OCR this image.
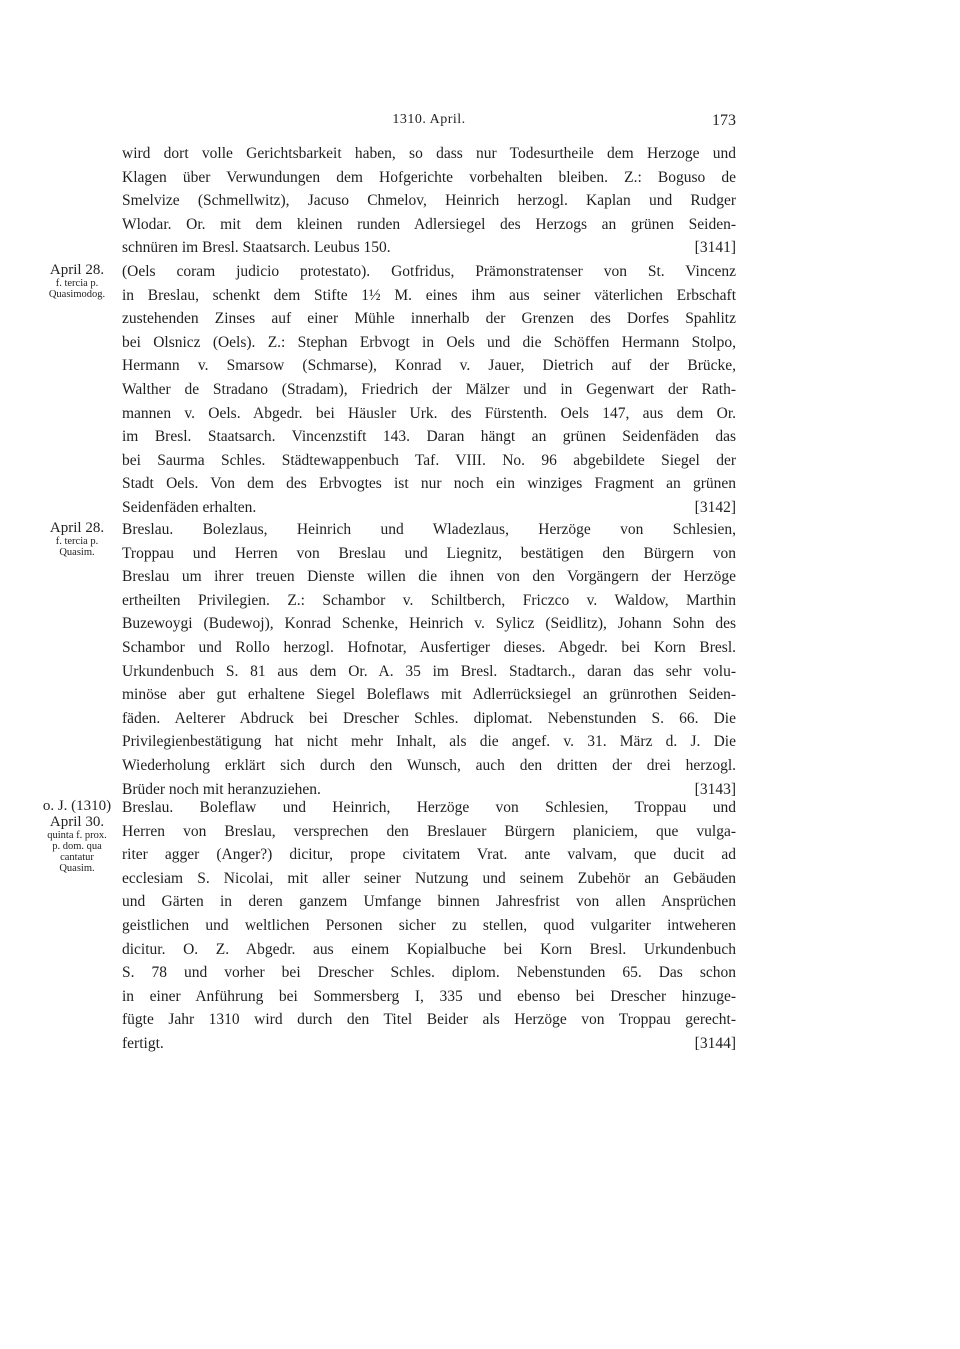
1310. April.	173
wird dort volle Gerichtsbarkeit haben, so dass nur Todesurtheile dem Herzoge und
Klagen über Verwundungen dem Hofgerichte vorbehalten bleiben. Z.: Boguso de
Smelvize (Schmellwitz), Jacuso Chmelov, Heinrich herzogl. Kaplan und Rudger
Wlodar. Or. mit dem kleinen runden Adlersiegel des Herzogs an grünen Seiden-
schnüren im Bresl. Staatsarch. Leubus 150.	[3141]
April 28.
f. tercia p.
Quasimodog.
(Oels coram judicio protestato). Gotfridus, Prämonstratenser von St. Vincenz
in Breslau, schenkt dem Stifte 1½ M. eines ihm aus seiner väterlichen Erbschaft
zustehenden Zinses auf einer Mühle innerhalb der Grenzen des Dorfes Spahlitz
bei Olsnicz (Oels). Z.: Stephan Erbvogt in Oels und die Schöffen Hermann Stolpo,
Hermann v. Smarsow (Schmarse), Konrad v. Jauer, Dietrich auf der Brücke,
Walther de Stradano (Stradam), Friedrich der Mälzer und in Gegenwart der Rath-
mannen v. Oels. Abgedr. bei Häusler Urk. des Fürstenth. Oels 147, aus dem Or.
im Bresl. Staatsarch. Vincenzstift 143. Daran hängt an grünen Seidenfäden das
bei Saurma Schles. Städtewappenbuch Taf. VIII. No. 96 abgebildete Siegel der
Stadt Oels. Von dem des Erbvogtes ist nur noch ein winziges Fragment an grünen
Seidenfäden erhalten.	[3142]
April 28.
f. tercia p.
Quasim.
Breslau. Bolezlaus, Heinrich und Wladezlaus, Herzöge von Schlesien,
Troppau und Herren von Breslau und Liegnitz, bestätigen den Bürgern von
Breslau um ihrer treuen Dienste willen die ihnen von den Vorgängern der Herzöge
ertheilten Privilegien. Z.: Schambor v. Schiltberch, Friczco v. Waldow, Marthin
Buzewoygi (Budewoj), Konrad Schenke, Heinrich v. Sylicz (Seidlitz), Johann Sohn des
Schambor und Rollo herzogl. Hofnotar, Ausfertiger dieses. Abgedr. bei Korn Bresl.
Urkundenbuch S. 81 aus dem Or. A. 35 im Bresl. Stadtarch., daran das sehr volu-
minöse aber gut erhaltene Siegel Boleflaws mit Adlerrücksiegel an grünrothen Seiden-
fäden. Aelterer Abdruck bei Drescher Schles. diplomat. Nebenstunden S. 66. Die
Privilegienbestätigung hat nicht mehr Inhalt, als die angef. v. 31. März d. J. Die
Wiederholung erklärt sich durch den Wunsch, auch den dritten der drei herzogl.
Brüder noch mit heranzuziehen.	[3143]
o. J. (1310)
April 30.
quinta f. prox.
p. dom. qua
cantatur
Quasim.
Breslau. Boleflaw und Heinrich, Herzöge von Schlesien, Troppau und
Herren von Breslau, versprechen den Breslauer Bürgern planiciem, que vulga-
riter agger (Anger?) dicitur, prope civitatem Vrat. ante valvam, que ducit ad
ecclesiam S. Nicolai, mit aller seiner Nutzung und seinem Zubehör an Gebäuden
und Gärten in deren ganzem Umfange binnen Jahresfrist von allen Ansprüchen
geistlichen und weltlichen Personen sicher zu stellen, quod vulgariter intweheren
dicitur. O. Z. Abgedr. aus einem Kopialbuche bei Korn Bresl. Urkundenbuch
S. 78 und vorher bei Drescher Schles. diplom. Nebenstunden 65. Das schon
in einer Anführung bei Sommersberg I, 335 und ebenso bei Drescher hinzuge-
fügte Jahr 1310 wird durch den Titel Beider als Herzöge von Troppau gerecht-
fertigt.	[3144]
